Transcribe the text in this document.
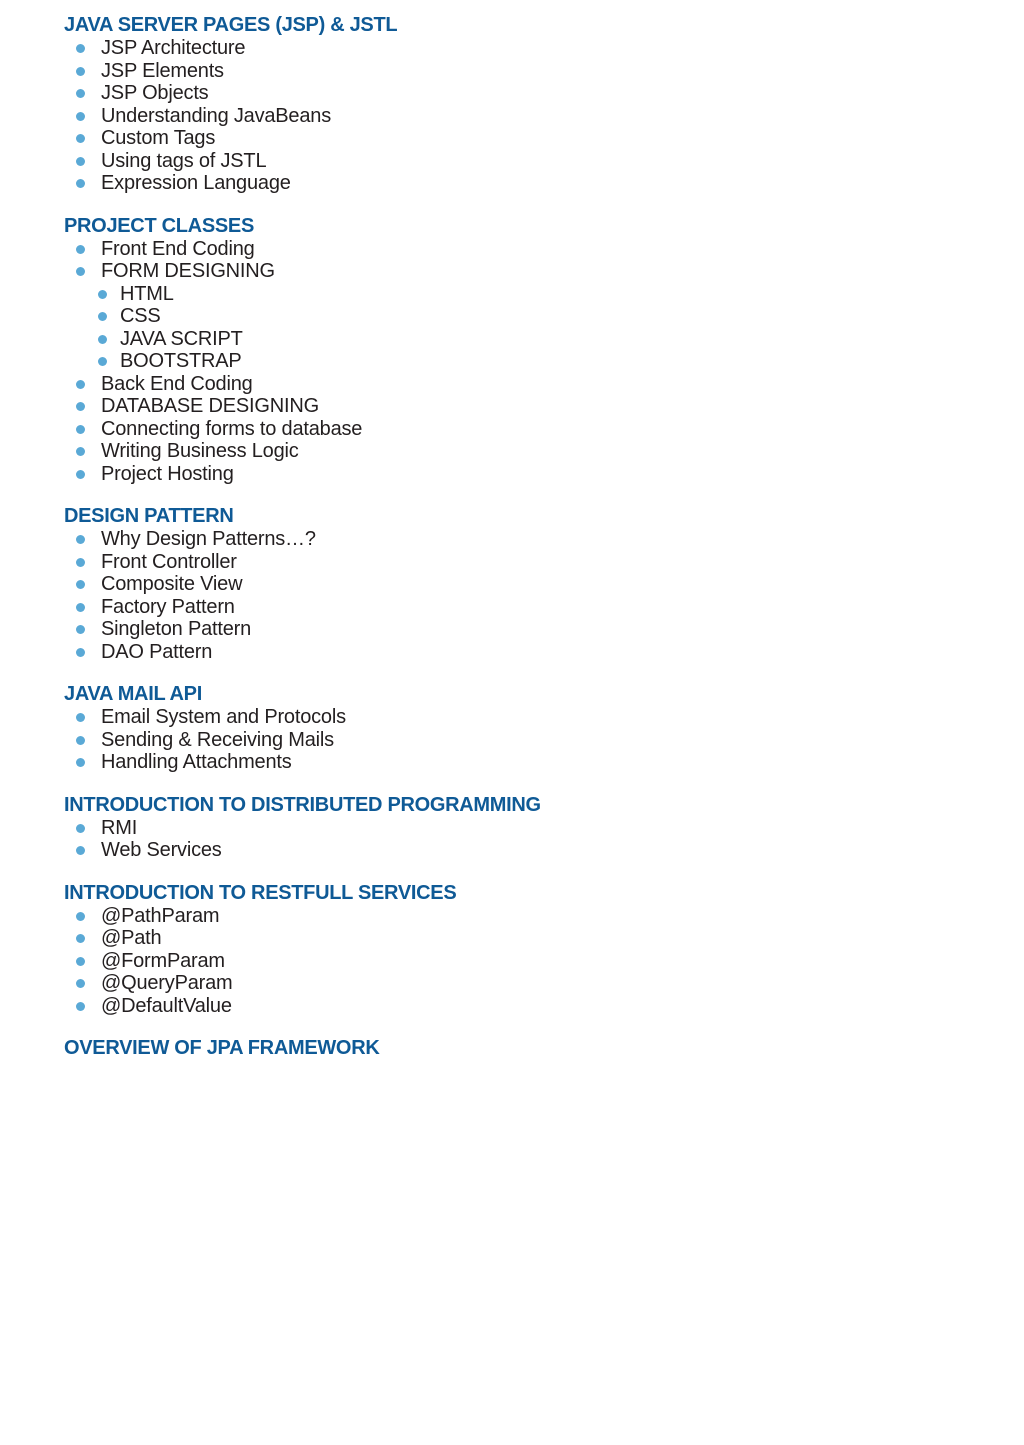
JAVA SERVER PAGES (JSP) & JSTL
JSP Architecture
JSP Elements
JSP Objects
Understanding JavaBeans
Custom Tags
Using tags of JSTL
Expression Language
PROJECT CLASSES
Front End Coding
FORM DESIGNING
HTML
CSS
JAVA SCRIPT
BOOTSTRAP
Back End Coding
DATABASE DESIGNING
Connecting forms to database
Writing Business Logic
Project Hosting
DESIGN PATTERN
Why Design Patterns…?
Front Controller
Composite View
Factory Pattern
Singleton Pattern
DAO Pattern
JAVA MAIL API
Email System and Protocols
Sending & Receiving Mails
Handling Attachments
INTRODUCTION TO DISTRIBUTED PROGRAMMING
RMI
Web Services
INTRODUCTION TO RESTFULL SERVICES
@PathParam
@Path
@FormParam
@QueryParam
@DefaultValue
OVERVIEW OF JPA FRAMEWORK
